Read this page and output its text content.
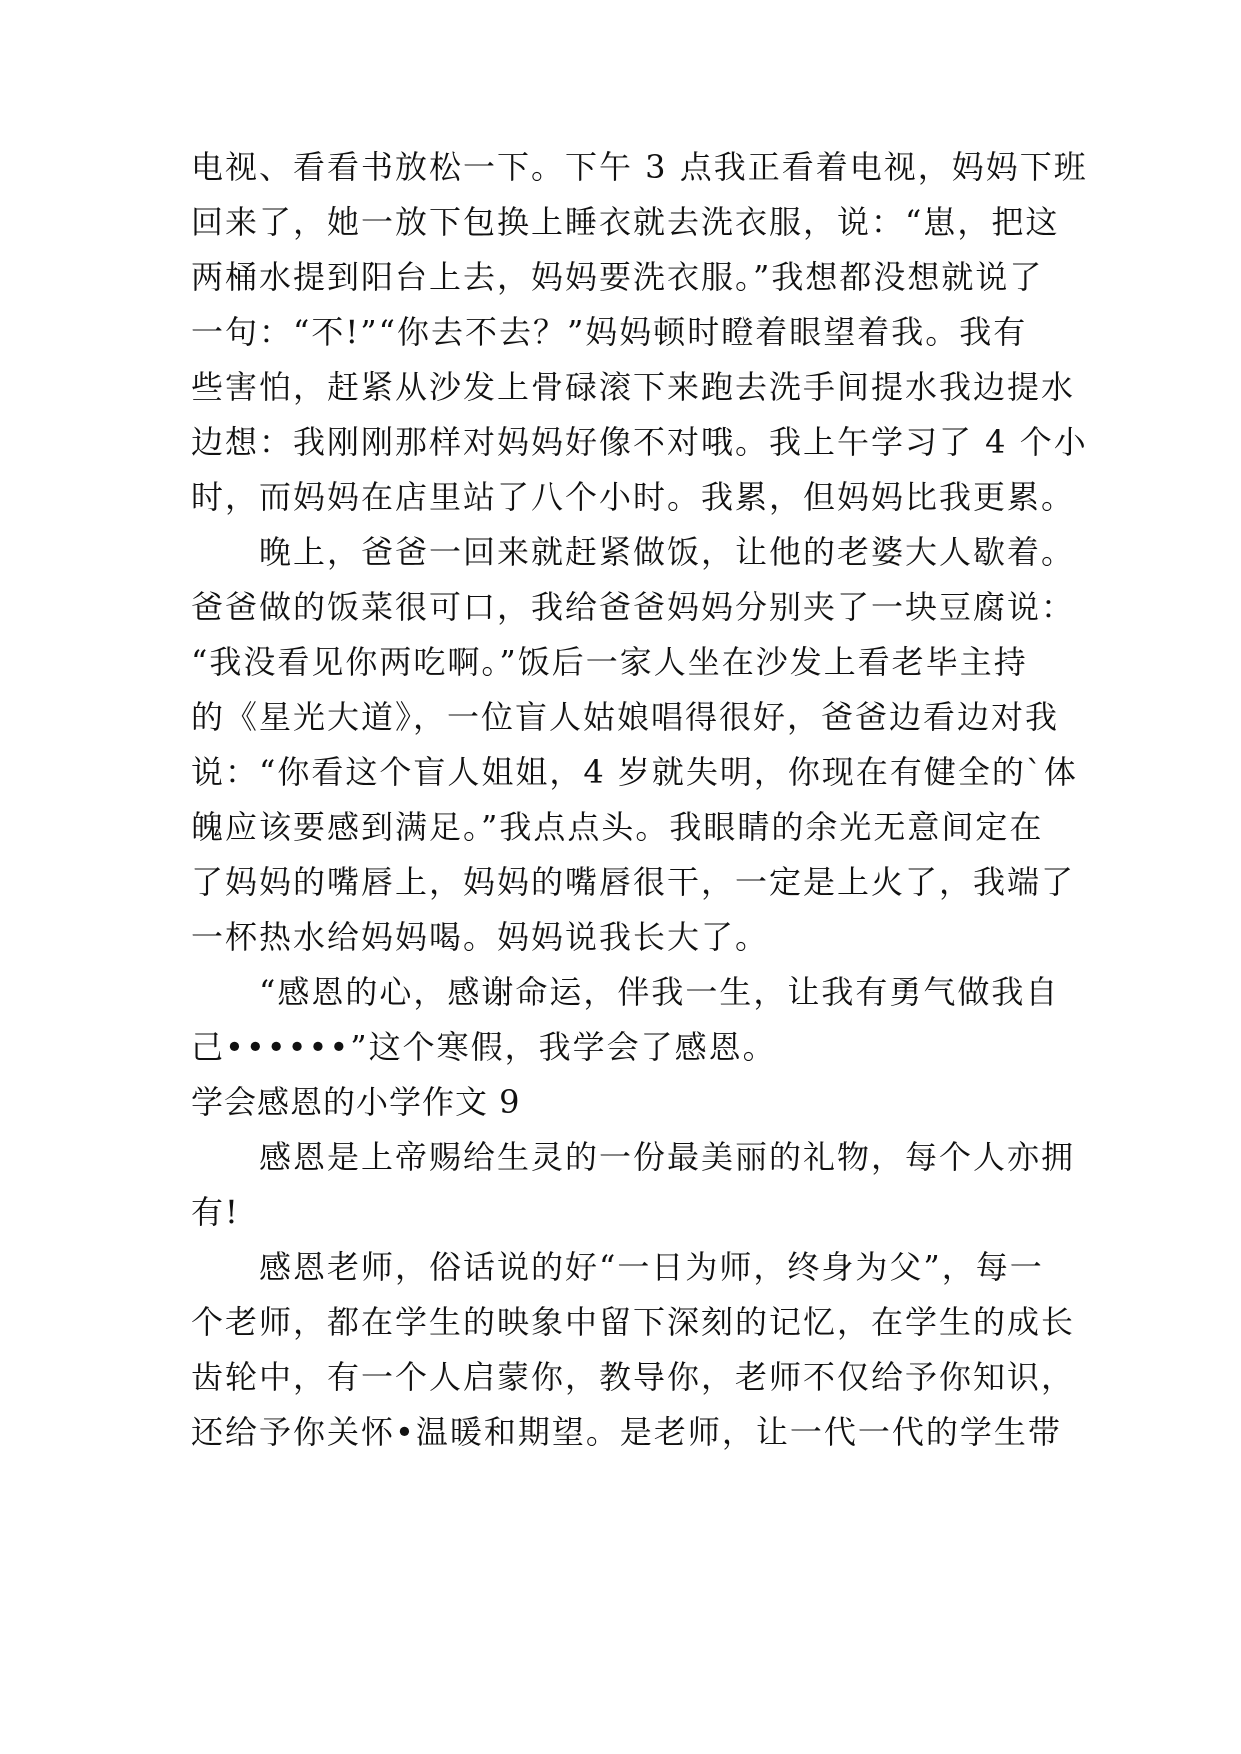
电视、看看书放松一下。下午 3 点我正看着电视，妈妈下班
回来了，她一放下包换上睡衣就去洗衣服，说：“崽，把这
两桶水提到阳台上去，妈妈要洗衣服。”我想都没想就说了
一句：“不!”“你去不去？”妈妈顿时瞪着眼望着我。我有
些害怕，赶紧从沙发上骨碌滚下来跑去洗手间提水我边提水
边想：我刚刚那样对妈妈好像不对哦。我上午学习了 4 个小
时，而妈妈在店里站了八个小时。我累，但妈妈比我更累。
　　晚上，爸爸一回来就赶紧做饭，让他的老婆大人歇着。
爸爸做的饭菜很可口，我给爸爸妈妈分别夹了一块豆腐说：
“我没看见你两吃啊。”饭后一家人坐在沙发上看老毕主持
的《星光大道》，一位盲人姑娘唱得很好，爸爸边看边对我
说：“你看这个盲人姐姐，4 岁就失明，你现在有健全的`体
魄应该要感到满足。”我点点头。我眼睛的余光无意间定在
了妈妈的嘴唇上，妈妈的嘴唇很干，一定是上火了，我端了
一杯热水给妈妈喝。妈妈说我长大了。
　　“感恩的心，感谢命运，伴我一生，让我有勇气做我自
己••••••”这个寒假，我学会了感恩。
学会感恩的小学作文 9
　　感恩是上帝赐给生灵的一份最美丽的礼物，每个人亦拥
有!
　　感恩老师，俗话说的好“一日为师，终身为父”，每一
个老师，都在学生的映象中留下深刻的记忆，在学生的成长
齿轮中，有一个人启蒙你，教导你，老师不仅给予你知识，
还给予你关怀•温暖和期望。是老师，让一代一代的学生带
